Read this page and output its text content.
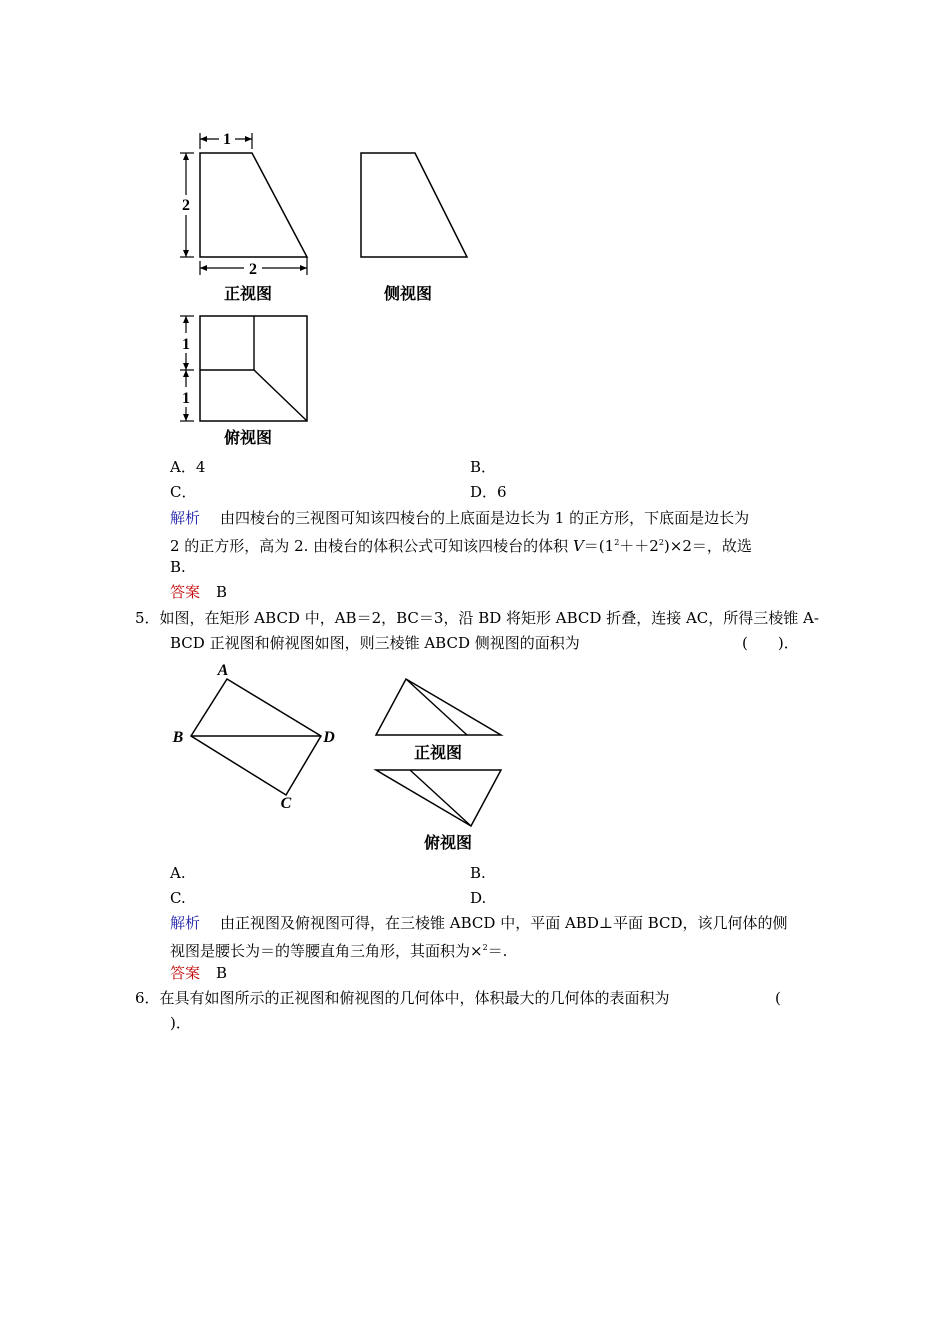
1
2
2
正视图	侧视图
1
1
俯视图
A．4	B．
C．	D．6
解析 由四棱台的三视图可知该四棱台的上底面是边长为 1 的正方形，下底面是边长为
2 的正方形，高为 2. 由棱台的体积公式可知该四棱台的体积 $V=(1^2++2^2)\times 2=$，故选
B.
答案 B
5．如图，在矩形 ABCD 中，AB＝2，BC＝3，沿 BD 将矩形 ABCD 折叠，连接 AC，所得三棱锥 A-
BCD 正视图和俯视图如图，则三棱锥 ABCD 侧视图的面积为	(　　)．
A
B	D
C
正视图
俯视图
A.	B.
C.	D.
解析 由正视图及俯视图可得，在三棱锥 ABCD 中，平面 ABD⊥平面 BCD，该几何体的侧
视图是腰长为＝的等腰直角三角形，其面积为×$^2$＝.
答案 B
6．在具有如图所示的正视图和俯视图的几何体中，体积最大的几何体的表面积为	(
)．
